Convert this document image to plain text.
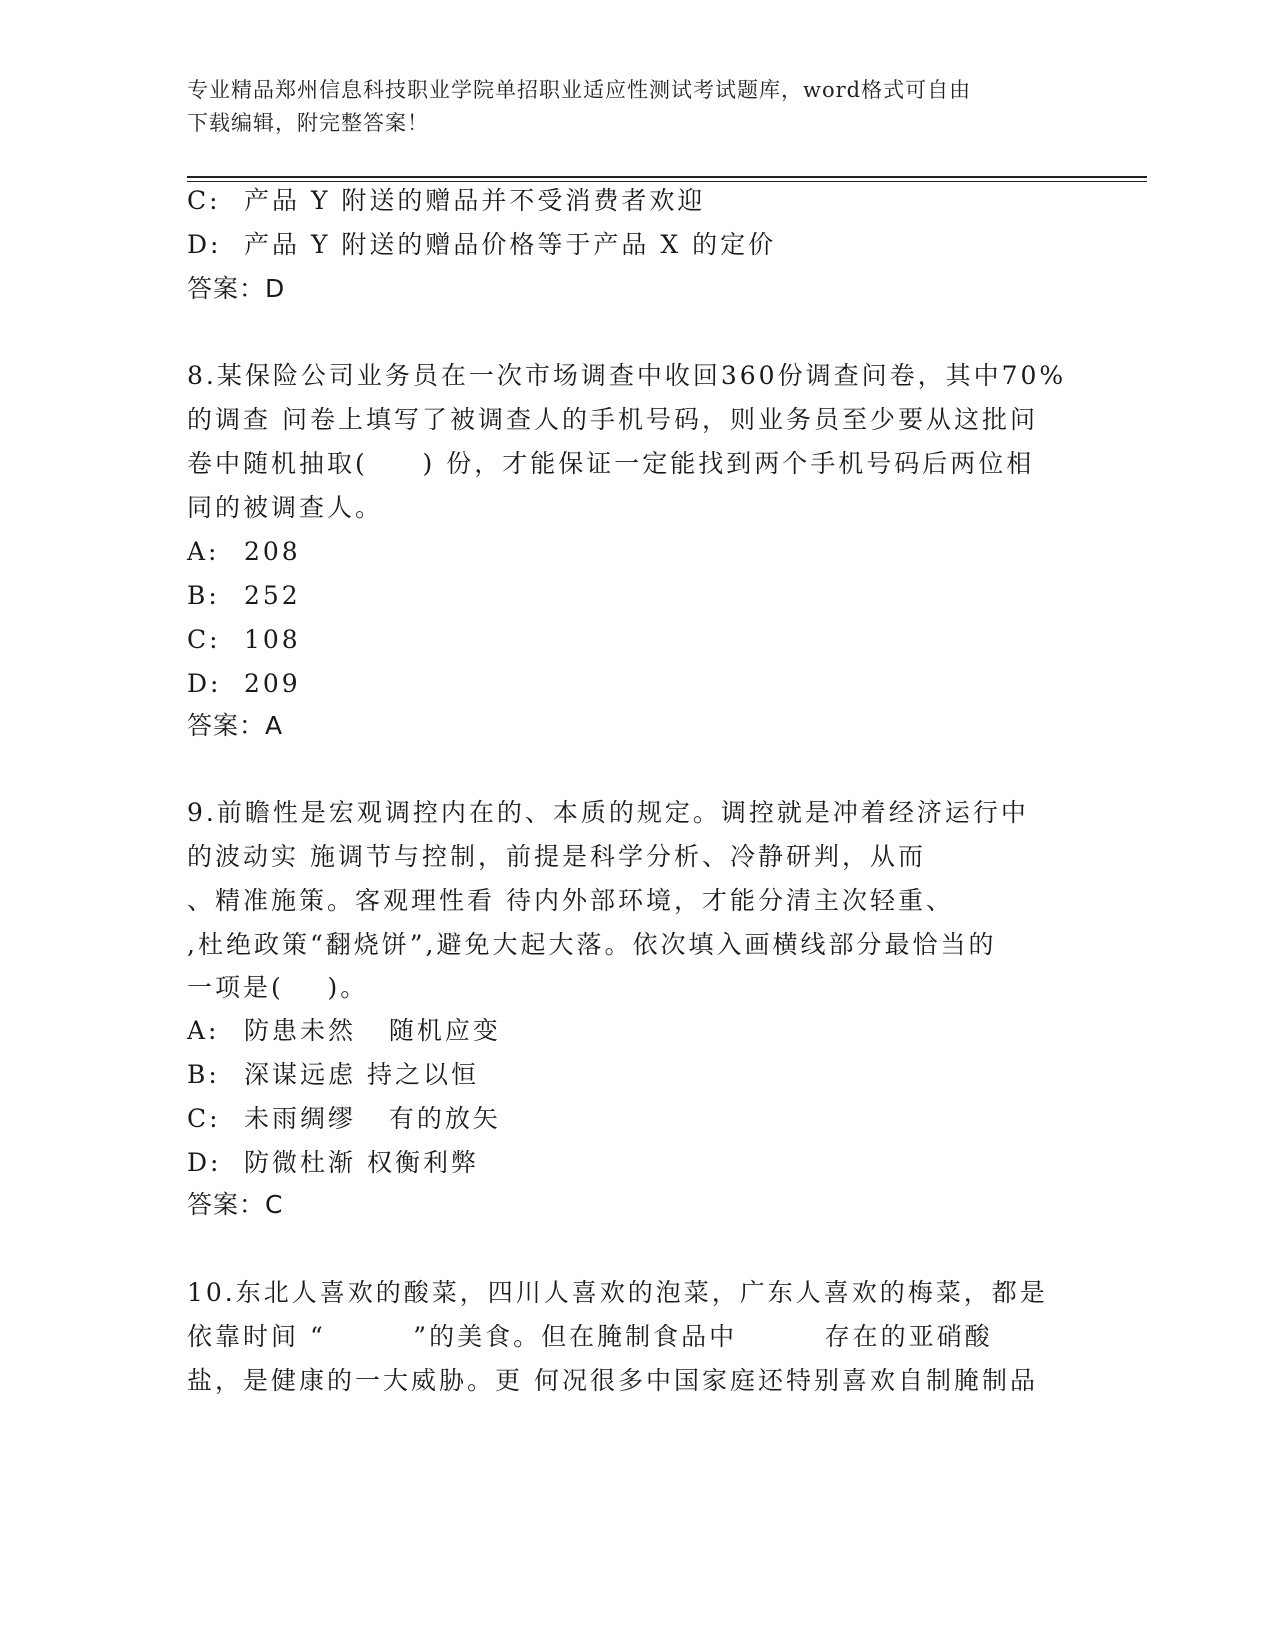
专业精品郑州信息科技职业学院单招职业适应性测试考试题库，word格式可自由
下载编辑，附完整答案！
C: 产品 Y 附送的赠品并不受消费者欢迎
D: 产品 Y 附送的赠品价格等于产品 X 的定价
答案：D
8.某保险公司业务员在一次市场调查中收回360份调查问卷，其中70%
的调查 问卷上填写了被调查人的手机号码，则业务员至少要从这批问
卷中随机抽取(     ) 份，才能保证一定能找到两个手机号码后两位相
同的被调查人。
A: 208
B: 252
C: 108
D: 209
答案：A
9.前瞻性是宏观调控内在的、本质的规定。调控就是冲着经济运行中
的波动实 施调节与控制，前提是科学分析、冷静研判，从而
、精准施策。客观理性看 待内外部环境，才能分清主次轻重、
,杜绝政策“翻烧饼”,避免大起大落。依次填入画横线部分最恰当的
一项是(    )。
A: 防患未然   随机应变
B: 深谋远虑 持之以恒
C: 未雨绸缪   有的放矢
D: 防微杜渐 权衡利弊
答案：C
10.东北人喜欢的酸菜，四川人喜欢的泡菜，广东人喜欢的梅菜，都是
依靠时间 “        ”的美食。但在腌制食品中        存在的亚硝酸
盐，是健康的一大威胁。更 何况很多中国家庭还特别喜欢自制腌制品
